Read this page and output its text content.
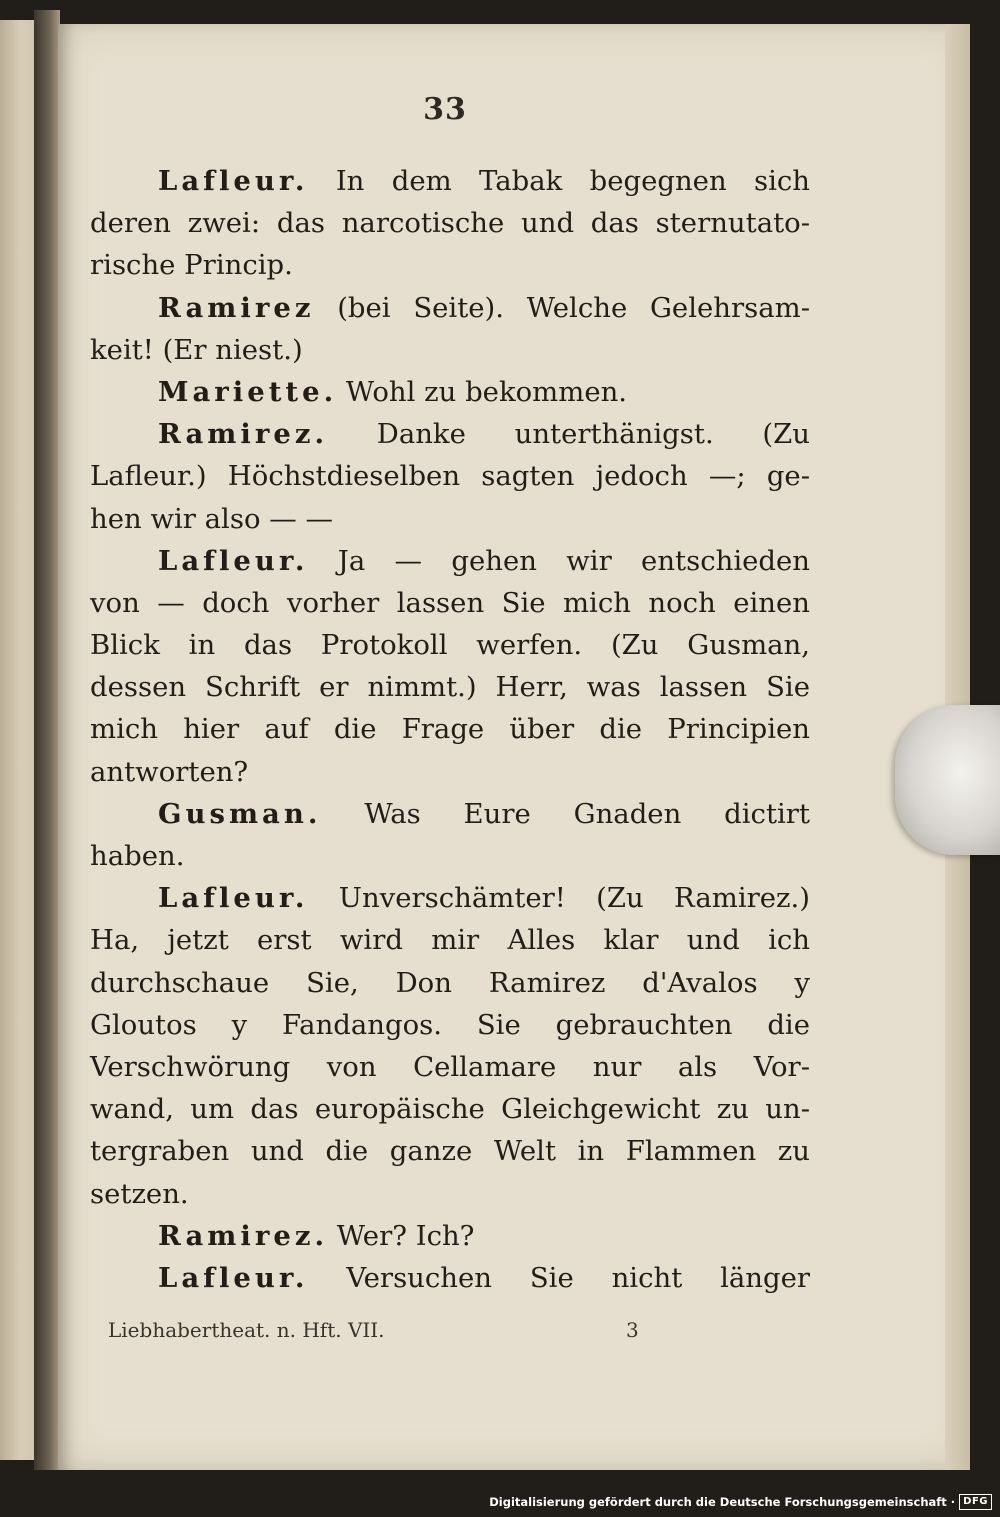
33
Lafleur. In dem Tabak begegnen sich
deren zwei: das narcotische und das sternutato-
rische Princip.
Ramirez (bei Seite). Welche Gelehrsam-
keit! (Er niest.)
Mariette. Wohl zu bekommen.
Ramirez. Danke unterthänigst. (Zu
Lafleur.) Höchstdieselben sagten jedoch —; ge-
hen wir also — —
Lafleur. Ja — gehen wir entschieden
von — doch vorher lassen Sie mich noch einen
Blick in das Protokoll werfen. (Zu Gusman,
dessen Schrift er nimmt.) Herr, was lassen Sie
mich hier auf die Frage über die Principien
antworten?
Gusman. Was Eure Gnaden dictirt
haben.
Lafleur. Unverschämter! (Zu Ramirez.)
Ha, jetzt erst wird mir Alles klar und ich
durchschaue Sie, Don Ramirez d'Avalos y
Gloutos y Fandangos. Sie gebrauchten die
Verschwörung von Cellamare nur als Vor-
wand, um das europäische Gleichgewicht zu un-
tergraben und die ganze Welt in Flammen zu
setzen.
Ramirez. Wer? Ich?
Lafleur. Versuchen Sie nicht länger
Liebhabertheat. n. Hft. VII.	3
Digitalisierung gefördert durch die Deutsche Forschungsgemeinschaft · DFG
